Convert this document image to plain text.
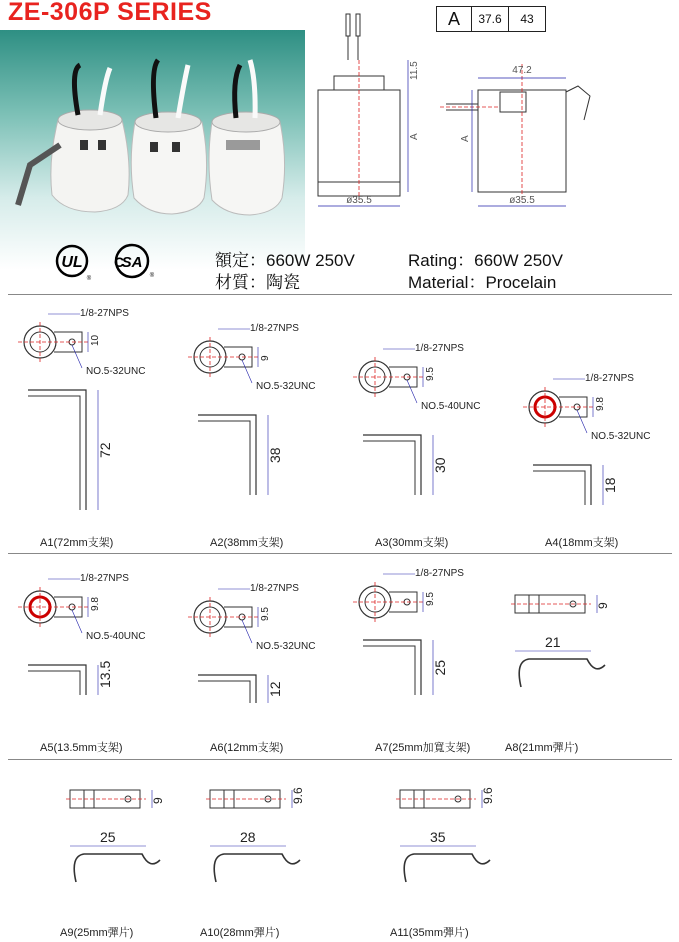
ZE-306P SERIES	A	37.6	43
UL
®
SA
C
®
額定：660W 250V
材質：陶瓷
Rating：660W 250V
Material：Procelain
11.5
A	A
47.2
ø35.5	ø35.5
1/8-27NPS
10
NO.5-32UNC
72
A1(72mm支架)
1/8-27NPS
9
NO.5-32UNC
38
A2(38mm支架)
1/8-27NPS
9.5
NO.5-40UNC
30
A3(30mm支架)
1/8-27NPS
9.8
NO.5-32UNC
18
A4(18mm支架)
1/8-27NPS
9.8
NO.5-40UNC
13.5
A5(13.5mm支架)
1/8-27NPS
9.5
NO.5-32UNC
12
A6(12mm支架)
1/8-27NPS
9.5
25
A7(25mm加寬支架)
9
21
A8(21mm彈片)
9
25
A9(25mm彈片)
9.6
28
A10(28mm彈片)
9.6
35
A11(35mm彈片)
